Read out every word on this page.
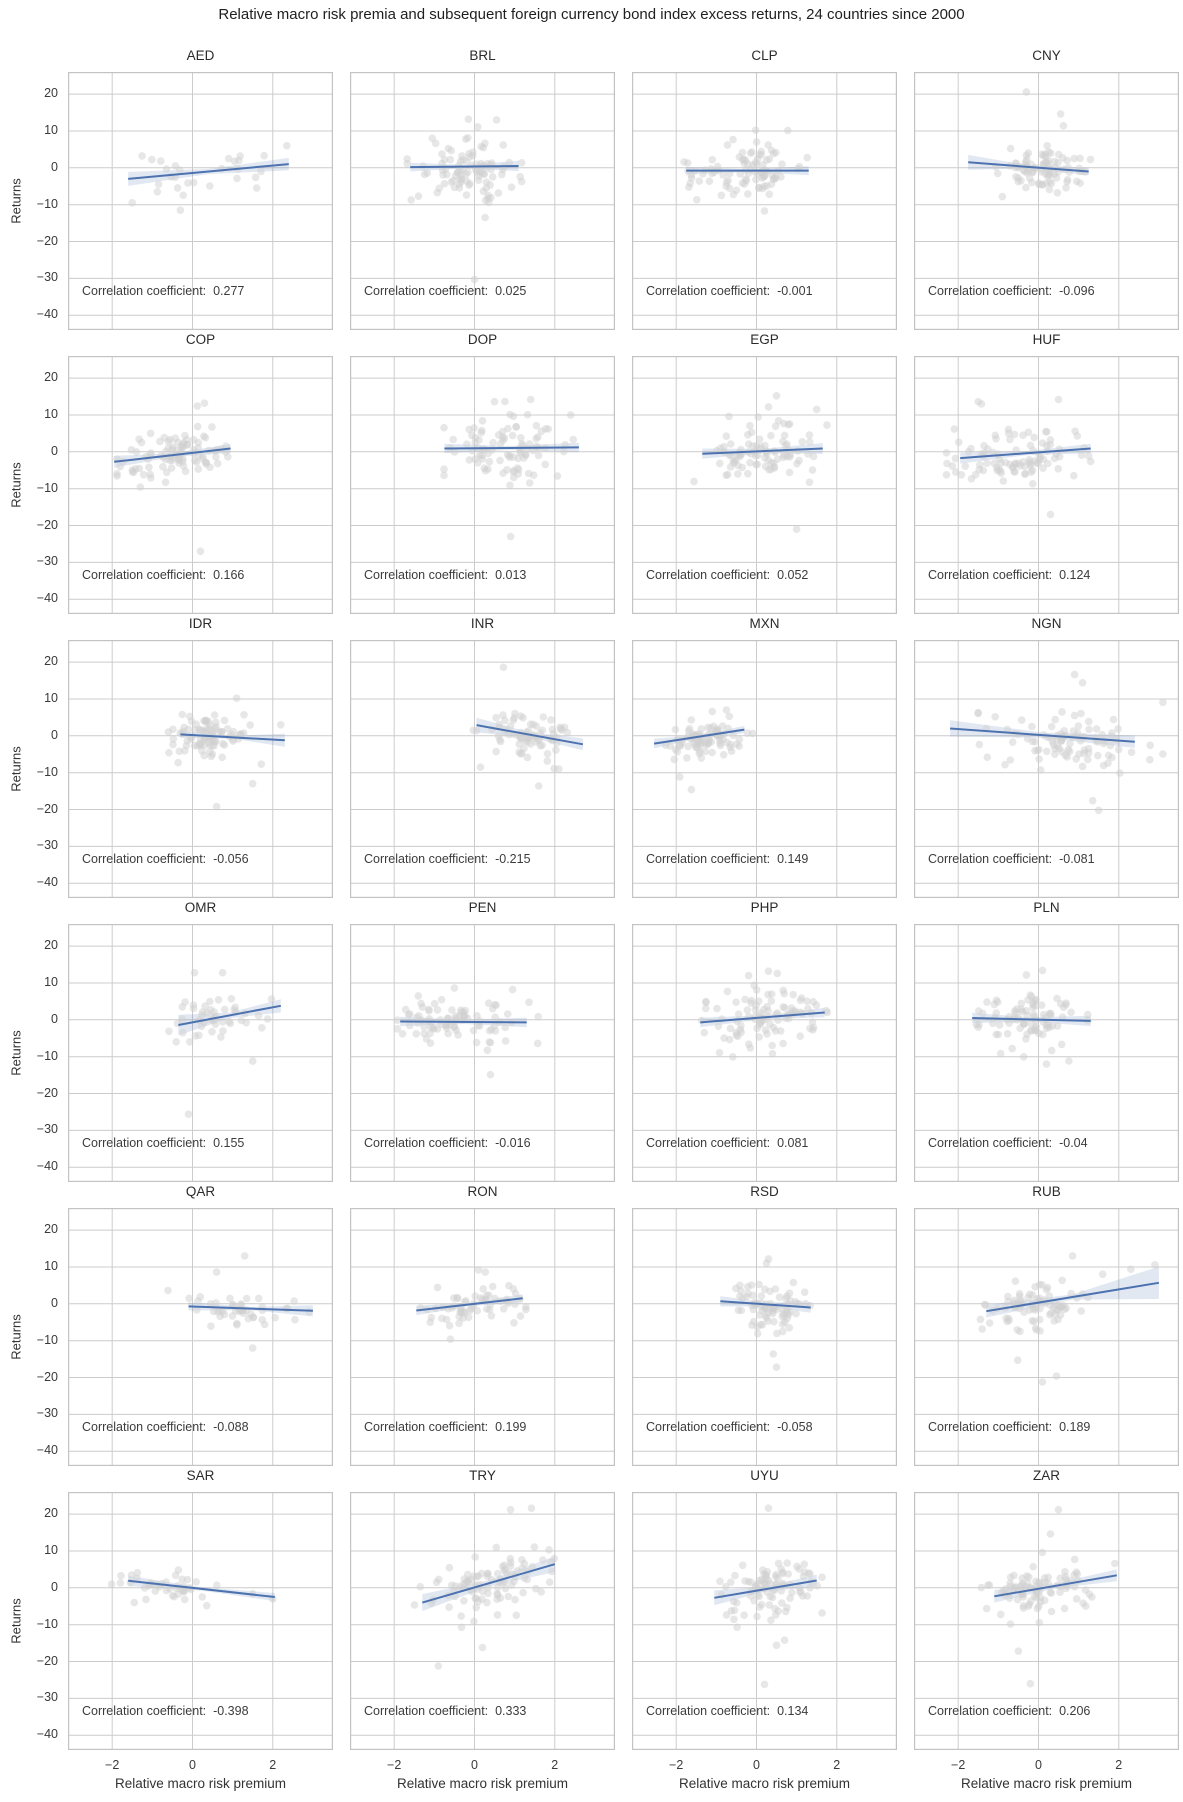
Relative macro risk premia and subsequent foreign currency bond index excess returns, 24 countries since 2000
AED
Correlation coefficient:  0.277
20
10
0
−10
−20
−30
−40
Returns
BRL
Correlation coefficient:  0.025
CLP
Correlation coefficient:  -0.001
CNY
Correlation coefficient:  -0.096
COP
Correlation coefficient:  0.166
20
10
0
−10
−20
−30
−40
Returns
DOP
Correlation coefficient:  0.013
EGP
Correlation coefficient:  0.052
HUF
Correlation coefficient:  0.124
IDR
Correlation coefficient:  -0.056
20
10
0
−10
−20
−30
−40
Returns
INR
Correlation coefficient:  -0.215
MXN
Correlation coefficient:  0.149
NGN
Correlation coefficient:  -0.081
OMR
Correlation coefficient:  0.155
20
10
0
−10
−20
−30
−40
Returns
PEN
Correlation coefficient:  -0.016
PHP
Correlation coefficient:  0.081
PLN
Correlation coefficient:  -0.04
QAR
Correlation coefficient:  -0.088
20
10
0
−10
−20
−30
−40
Returns
RON
Correlation coefficient:  0.199
RSD
Correlation coefficient:  -0.058
RUB
Correlation coefficient:  0.189
SAR
Correlation coefficient:  -0.398
20
10
0
−10
−20
−30
−40
Returns
−2	0	2
Relative macro risk premium
TRY
Correlation coefficient:  0.333
−2	0	2
Relative macro risk premium
UYU
Correlation coefficient:  0.134
−2	0	2
Relative macro risk premium
ZAR
Correlation coefficient:  0.206
−2	0	2
Relative macro risk premium
